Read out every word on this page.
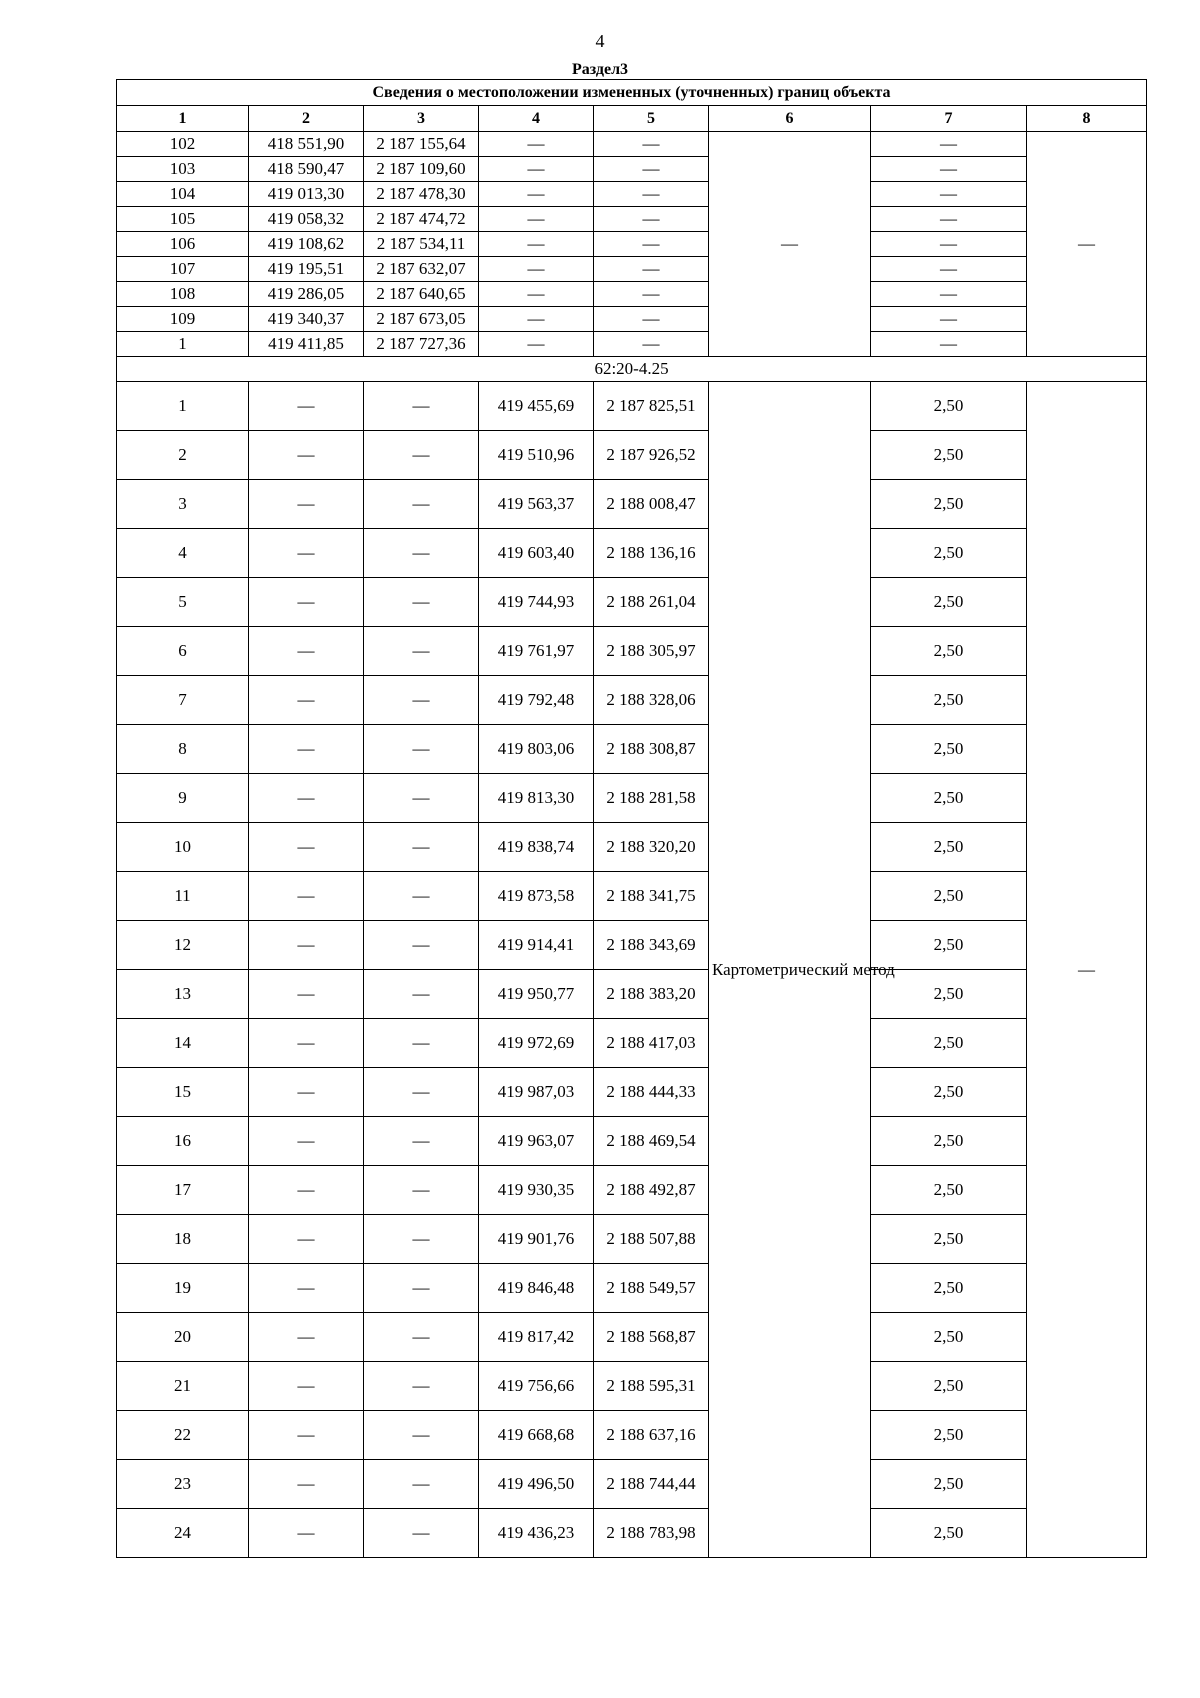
4
Раздел3
Сведения о местоположении измененных (уточненных) границ объекта							
1	2	3	4	5	6	7	8
102	418 551,90	2 187 155,64	—	—	—	—	—
103	418 590,47	2 187 109,60	—	—		—	
104	419 013,30	2 187 478,30	—	—		—	
105	419 058,32	2 187 474,72	—	—		—	
106	419 108,62	2 187 534,11	—	—		—	
107	419 195,51	2 187 632,07	—	—		—	
108	419 286,05	2 187 640,65	—	—		—	
109	419 340,37	2 187 673,05	—	—		—	
1	419 411,85	2 187 727,36	—	—		—	
62:20-4.25							
1	—	—	419 455,69	2 187 825,51	Картометрический метод	2,50	—
2	—	—	419 510,96	2 187 926,52		2,50	
3	—	—	419 563,37	2 188 008,47		2,50	
4	—	—	419 603,40	2 188 136,16		2,50	
5	—	—	419 744,93	2 188 261,04		2,50	
6	—	—	419 761,97	2 188 305,97		2,50	
7	—	—	419 792,48	2 188 328,06		2,50	
8	—	—	419 803,06	2 188 308,87		2,50	
9	—	—	419 813,30	2 188 281,58		2,50	
10	—	—	419 838,74	2 188 320,20		2,50	
11	—	—	419 873,58	2 188 341,75		2,50	
12	—	—	419 914,41	2 188 343,69		2,50	
13	—	—	419 950,77	2 188 383,20		2,50	
14	—	—	419 972,69	2 188 417,03		2,50	
15	—	—	419 987,03	2 188 444,33		2,50	
16	—	—	419 963,07	2 188 469,54		2,50	
17	—	—	419 930,35	2 188 492,87		2,50	
18	—	—	419 901,76	2 188 507,88		2,50	
19	—	—	419 846,48	2 188 549,57		2,50	
20	—	—	419 817,42	2 188 568,87		2,50	
21	—	—	419 756,66	2 188 595,31		2,50	
22	—	—	419 668,68	2 188 637,16		2,50	
23	—	—	419 496,50	2 188 744,44		2,50	
24	—	—	419 436,23	2 188 783,98		2,50	
